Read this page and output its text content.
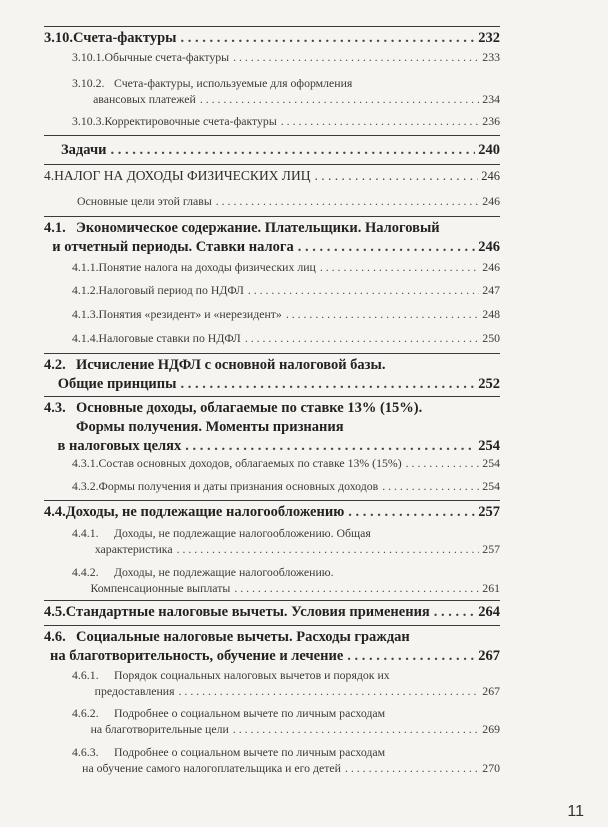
3.10. Счета-фактуры . . .	232
3.10.1. Обычные счета-фактуры . . .	233
3.10.2. Счета-фактуры, используемые для оформления
авансовых платежей . . .	234
3.10.3. Корректировочные счета-фактуры . . .	236
Задачи . . .	240
4. НАЛОГ НА ДОХОДЫ ФИЗИЧЕСКИХ ЛИЦ . . .	246
Основные цели этой главы . . .	246
4.1. Экономическое содержание. Плательщики. Налоговый
и отчетный периоды. Ставки налога . . .	246
4.1.1. Понятие налога на доходы физических лиц . . .	246
4.1.2. Налоговый период по НДФЛ . . .	247
4.1.3. Понятия «резидент» и «нерезидент» . . .	248
4.1.4. Налоговые ставки по НДФЛ . . .	250
4.2. Исчисление НДФЛ с основной налоговой базы.
Общие принципы . . .	252
4.3. Основные доходы, облагаемые по ставке 13% (15%).
Формы получения. Моменты признания
в налоговых целях . . .	254
4.3.1. Состав основных доходов, облагаемых по ставке 13% (15%) . . .	254
4.3.2. Формы получения и даты признания основных доходов . . .	254
4.4. Доходы, не подлежащие налогообложению . . .	257
4.4.1.	Доходы, не подлежащие налогообложению. Общая
характеристика . . .	257
4.4.2.	Доходы, не подлежащие налогообложению.
Компенсационные выплаты . . .	261
4.5. Стандартные налоговые вычеты. Условия применения . . .	264
4.6. Социальные налоговые вычеты. Расходы граждан
на благотворительность, обучение и лечение . . .	267
4.6.1.	Порядок социальных налоговых вычетов и порядок их
предоставления . . .	267
4.6.2.	Подробнее о социальном вычете по личным расходам
на благотворительные цели . . .	269
4.6.3.	Подробнее о социальном вычете по личным расходам
на обучение самого налогоплательщика и его детей . . .	270
11
